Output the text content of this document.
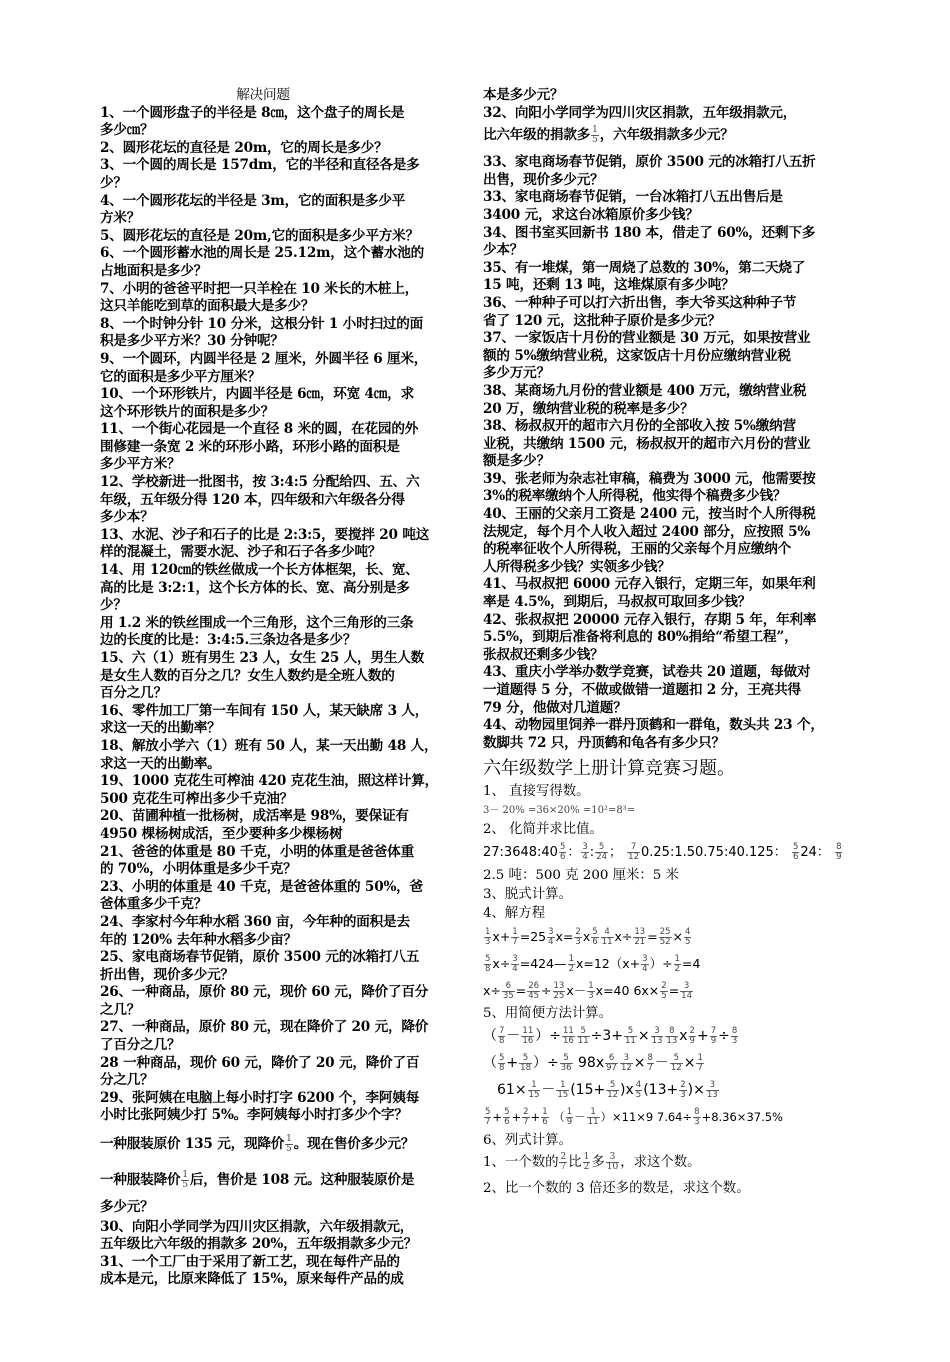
解决问题
1、一个圆形盘子的半径是 8㎝，这个盘子的周长是
多少㎝？
2、圆形花坛的直径是 20m，它的周长是多少？
3、一个圆的周长是 157dm，它的半径和直径各是多
少？
4、一个圆形花坛的半径是 3m，它的面积是多少平
方米？
5、圆形花坛的直径是 20m,它的面积是多少平方米？
6、一个圆形蓄水池的周长是 25.12m，这个蓄水池的
占地面积是多少？
7、小明的爸爸平时把一只羊栓在 10 米长的木桩上，
这只羊能吃到草的面积最大是多少？
8、一个时钟分针 10 分米，这根分针 1 小时扫过的面
积是多少平方米？30 分钟呢？
9、一个圆环，内圆半径是 2 厘米，外圆半径 6 厘米，
它的面积是多少平方厘米？
10、一个环形铁片，内圆半径是 6㎝，环宽 4㎝，求
这个环形铁片的面积是多少？
11、一个街心花园是一个直径 8 米的圆，在花园的外
围修建一条宽 2 米的环形小路，环形小路的面积是
多少平方米？
12、学校新进一批图书，按 3:4:5 分配给四、五、六
年级，五年级分得 120 本，四年级和六年级各分得
多少本？
13、水泥、沙子和石子的比是 2:3:5，要搅拌 20 吨这
样的混凝土，需要水泥、沙子和石子各多少吨？
14、用 120㎝的铁丝做成一个长方体框架，长、宽、
高的比是 3:2:1，这个长方体的长、宽、高分别是多
少？
用 1.2 米的铁丝围成一个三角形，这个三角形的三条
边的长度的比是：3:4:5.三条边各是多少？
15、六（1）班有男生 23 人，女生 25 人，男生人数
是女生人数的百分之几？女生人数约是全班人数的
百分之几？
16、零件加工厂第一车间有 150 人，某天缺席 3 人，
求这一天的出勤率？
18、解放小学六（1）班有 50 人，某一天出勤 48 人，
求这一天的出勤率。
19、1000 克花生可榨油 420 克花生油，照这样计算，
500 克花生可榨出多少千克油？
20、苗圃种植一批杨树，成活率是 98%，要保证有
4950 棵杨树成活，至少要种多少棵杨树
21、爸爸的体重是 80 千克，小明的体重是爸爸体重
的 70%，小明体重是多少千克？
23、小明的体重是 40 千克，是爸爸体重的 50%，爸
爸体重多少千克？
24、李家村今年种水稻 360 亩，今年种的面积是去
年的 120% 去年种水稻多少亩？
25、家电商场春节促销，原价 3500 元的冰箱打八五
折出售，现价多少元？
26、一种商品，原价 80 元，现价 60 元，降价了百分
之几？
27、一种商品，原价 80 元，现在降价了 20 元，降价
了百分之几？
28 一种商品，现价 60 元，降价了 20 元，降价了百
分之几？
29、张阿姨在电脑上每小时打字 6200 个，李阿姨每
小时比张阿姨少打 5%。李阿姨每小时打多少个字？
一种服装原价 135 元，现降价 $\frac{1}{5}$ 。现在售价多少元？
一种服装降价 $\frac{1}{5}$ 后，售价是 108 元。这种服装原价是
多少元？
30、向阳小学同学为四川灾区捐款，六年级捐款元，
五年级比六年级的捐款多 20%，五年级捐款多少元？
31、一个工厂由于采用了新工艺，现在每件产品的
成本是元，比原来降低了 15%，原来每件产品的成
本是多少元？
32、向阳小学同学为四川灾区捐款，五年级捐款元，
比六年级的捐款多 $\frac{1}{5}$ ，六年级捐款多少元？
33、家电商场春节促销，原价 3500 元的冰箱打八五折
出售，现价多少元？
33、家电商场春节促销，一台冰箱打八五出售后是
3400 元，求这台冰箱原价多少钱？
34、图书室买回新书 180 本，借走了 60%，还剩下多
少本？
35、有一堆煤，第一周烧了总数的 30%，第二天烧了
15 吨，还剩 13 吨，这堆煤原有多少吨？
36、一种种子可以打六折出售，李大爷买这种种子节
省了 120 元，这批种子原价是多少元？
37、一家饭店十月份的营业额是 30 万元，如果按营业
额的 5%缴纳营业税，这家饭店十月份应缴纳营业税
多少万元？
38、某商场九月份的营业额是 400 万元，缴纳营业税
20 万，缴纳营业税的税率是多少？
38、杨叔叔开的超市六月份的全部收入按 5%缴纳营
业税，共缴纳 1500 元，杨叔叔开的超市六月份的营业
额是多少？
39、张老师为杂志社审稿，稿费为 3000 元，他需要按
3%的税率缴纳个人所得税，他实得个稿费多少钱？
40、王丽的父亲月工资是 2400 元，按当时个人所得税
法规定，每个月个人收入超过 2400 部分，应按照 5%
的税率征收个人所得税，王丽的父亲每个月应缴纳个
人所得税多少钱？实领多少钱？
41、马叔叔把 6000 元存入银行，定期三年，如果年利
率是 4.5%，到期后，马叔叔可取回多少钱？
42、张叔叔把 20000 元存入银行，存期 5 年，年利率
5.5%，到期后准备将利息的 80%捐给“希望工程”，
张叔叔还剩多少钱？
43、重庆小学举办数学竞赛，试卷共 20 道题，每做对
一道题得 5 分，不做或做错一道题扣 2 分，王亮共得
79 分，他做对几道题？
44、动物园里饲养一群丹顶鹤和一群龟，数头共 23 个，
数脚共 72 只，丹顶鹤和龟各有多少只？
六年级数学上册计算竞赛习题。
1、 直接写得数。
3－ 20% =36×20% =10²=8³=
2、 化简并求比值。
27:3648:40 $\frac{5}{6}$ ： $\frac{3}{4}$ : $\frac{5}{24}$ ； $\frac{7}{12}$ 0.25:1.50.75:40.125： $\frac{5}{6} 24$： $\frac{8}{9}$
2.5 吨：500 克 200 厘米：5 米
3、脱式计算。
4、解方程
$\frac{1}{3} x+ \frac{1}{7} =25 \frac{3}{4} x= \frac{2}{3}$ x $\frac{5}{6} \frac{4}{11} x\div \frac{13}{21} = \frac{25}{52} \times \frac{4}{5}$
$\frac{5}{8} x\div \frac{3}{4}$ =424— $\frac{1}{2} x=12(x+ \frac{3}{4}$ ）÷ $\frac{1}{2} =4$
$x\div \frac{6}{35} = \frac{26}{45} \div \frac{13}{25} x- \frac{1}{3} x=40$ $6x\times \frac{2}{5} = \frac{3}{14}$
5、用简便方法计算。
（ $\frac{7}{8} - \frac{11}{16}$ ）÷ $\frac{11}{16} \frac{5}{11} \div 3+ \frac{5}{11} \times \frac{3}{13} \frac{8}{13}$ x $\frac{2}{9} + \frac{7}{9} \div \frac{8}{3}$
（ $\frac{5}{8} + \frac{5}{18}$ ）÷ $\frac{5}{36} 98x \frac{6}{97} \frac{3}{12} \times \frac{8}{7} - \frac{5}{12} \times \frac{1}{7}$
$61\times \frac{1}{15} - \frac{1}{15} (15+ \frac{5}{12} )x \frac{4}{5} (13+ \frac{2}{3}$ )× $\frac{3}{13}$
$\frac{5}{7} + \frac{5}{6} + \frac{2}{7} + \frac{1}{6}$ （ $\frac{1}{9} - \frac{1}{11} )\times 11\times 9$ $7.64\div \frac{8}{3} +8.36\times 37.5\%$
6、列式计算。
1、一个数的 $\frac{2}{7}$ 比 $\frac{1}{2}$ 多 $\frac{3}{10}$ ，求这个数。
2、比一个数的 3 倍还多的数是，求这个数。
